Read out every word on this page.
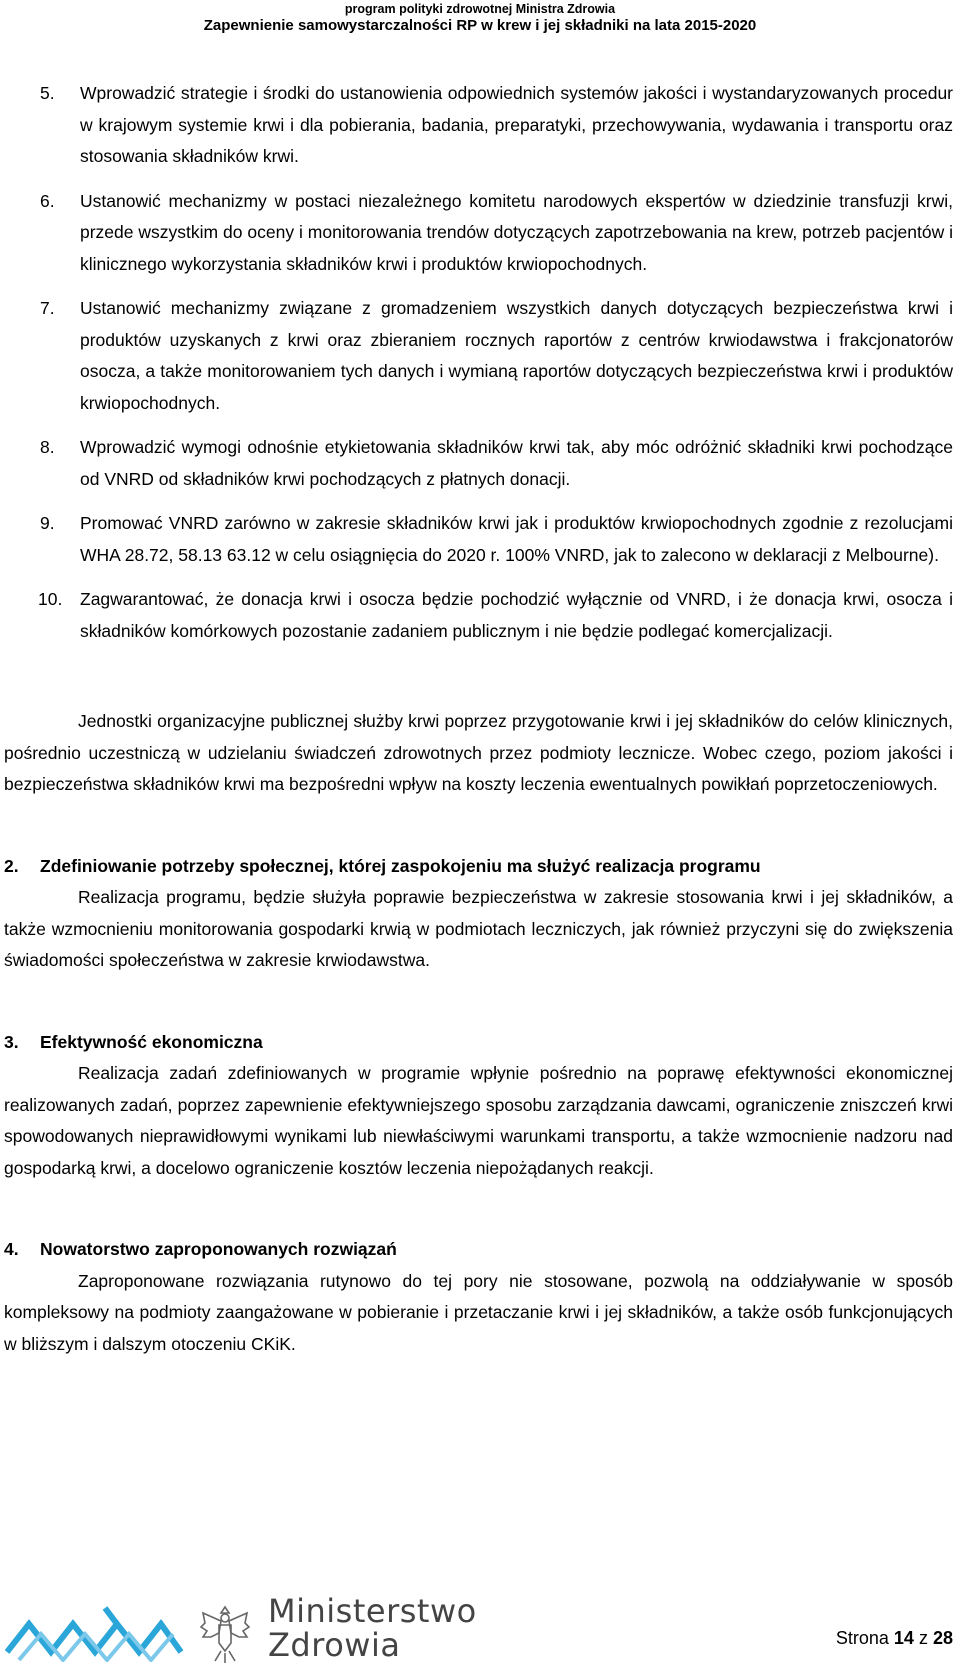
program polityki zdrowotnej Ministra Zdrowia
Zapewnienie samowystarczalności RP w krew i jej składniki na lata 2015-2020
5. Wprowadzić strategie i środki do ustanowienia odpowiednich systemów jakości i wystandaryzowanych procedur w krajowym systemie krwi i dla pobierania, badania, preparatyki, przechowywania, wydawania i transportu oraz stosowania składników krwi.
6. Ustanowić mechanizmy w postaci niezależnego komitetu narodowych ekspertów w dziedzinie transfuzji krwi, przede wszystkim do oceny i monitorowania trendów dotyczących zapotrzebowania na krew, potrzeb pacjentów i klinicznego wykorzystania składników krwi i produktów krwiopochodnych.
7. Ustanowić mechanizmy związane z gromadzeniem wszystkich danych dotyczących bezpieczeństwa krwi i produktów uzyskanych z krwi oraz zbieraniem rocznych raportów z centrów krwiodawstwa i frakcjonatorów osocza, a także monitorowaniem tych danych i wymianą raportów dotyczących bezpieczeństwa krwi i produktów krwiopochodnych.
8. Wprowadzić wymogi odnośnie etykietowania składników krwi tak, aby móc odróżnić składniki krwi pochodzące od VNRD od składników krwi pochodzących z płatnych donacji.
9. Promować VNRD zarówno w zakresie składników krwi jak i produktów krwiopochodnych zgodnie z rezolucjami WHA 28.72, 58.13 63.12 w celu osiągnięcia do 2020 r. 100% VNRD, jak to zalecono w deklaracji z Melbourne).
10. Zagwarantować, że donacja krwi i osocza będzie pochodzić wyłącznie od VNRD, i że donacja krwi, osocza i składników komórkowych pozostanie zadaniem publicznym i nie będzie podlegać komercjalizacji.

Jednostki organizacyjne publicznej służby krwi poprzez przygotowanie krwi i jej składników do celów klinicznych, pośrednio uczestniczą w udzielaniu świadczeń zdrowotnych przez podmioty lecznicze. Wobec czego, poziom jakości i bezpieczeństwa składników krwi ma bezpośredni wpływ na koszty leczenia ewentualnych powikłań poprzetoczeniowych.

2. Zdefiniowanie potrzeby społecznej, której zaspokojeniu ma służyć realizacja programu

Realizacja programu, będzie służyła poprawie bezpieczeństwa w zakresie stosowania krwi i jej składników, a także wzmocnieniu monitorowania gospodarki krwią w podmiotach leczniczych, jak również przyczyni się do zwiększenia świadomości społeczeństwa w zakresie krwiodawstwa.

3. Efektywność ekonomiczna

Realizacja zadań zdefiniowanych w programie wpłynie pośrednio na poprawę efektywności ekonomicznej realizowanych zadań, poprzez zapewnienie efektywniejszego sposobu zarządzania dawcami, ograniczenie zniszczeń krwi spowodowanych nieprawidłowymi wynikami lub niewłaściwymi warunkami transportu, a także wzmocnienie nadzoru nad gospodarką krwi, a docelowo ograniczenie kosztów leczenia niepożądanych reakcji.

4. Nowatorstwo zaproponowanych rozwiązań

Zaproponowane rozwiązania rutynowo do tej pory nie stosowane, pozwolą na oddziaływanie w sposób kompleksowy na podmioty zaangażowane w pobieranie i przetaczanie krwi i jej składników, a także osób funkcjonujących w bliższym i dalszym otoczeniu CKiK.

Ministerstwo
Zdrowia	Strona 14 z 28
